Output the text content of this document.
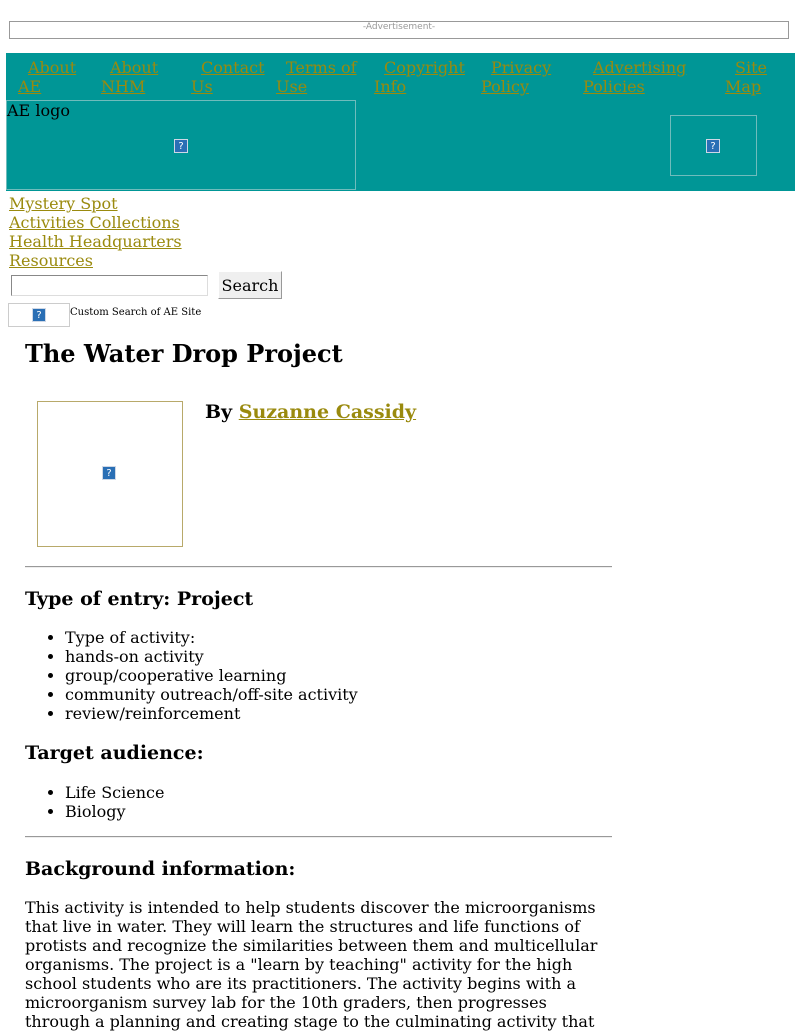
-Advertisement-
About
AE
About
NHM
Contact
Us
Terms of
Use
Copyright
Info
Privacy
Policy
Advertising
Policies
Site
Map
AE logo
?	?
Mystery Spot
Activities Collections
Health Headquarters
Resources
Search
?	Custom Search of AE Site
The Water Drop Project
?
By Suzanne Cassidy
Type of entry: Project
• Type of activity:
• hands-on activity
• group/cooperative learning
• community outreach/off-site activity
• review/reinforcement
Target audience:
• Life Science
• Biology
Background information:

This activity is intended to help students discover the microorganisms that live in water. They will learn the structures and life functions of protists and recognize the similarities between them and multicellular organisms. The project is a "learn by teaching" activity for the high school students who are its practitioners. The activity begins with a microorganism survey lab for the 10th graders, then progresses through a planning and creating stage to the culminating activity that
